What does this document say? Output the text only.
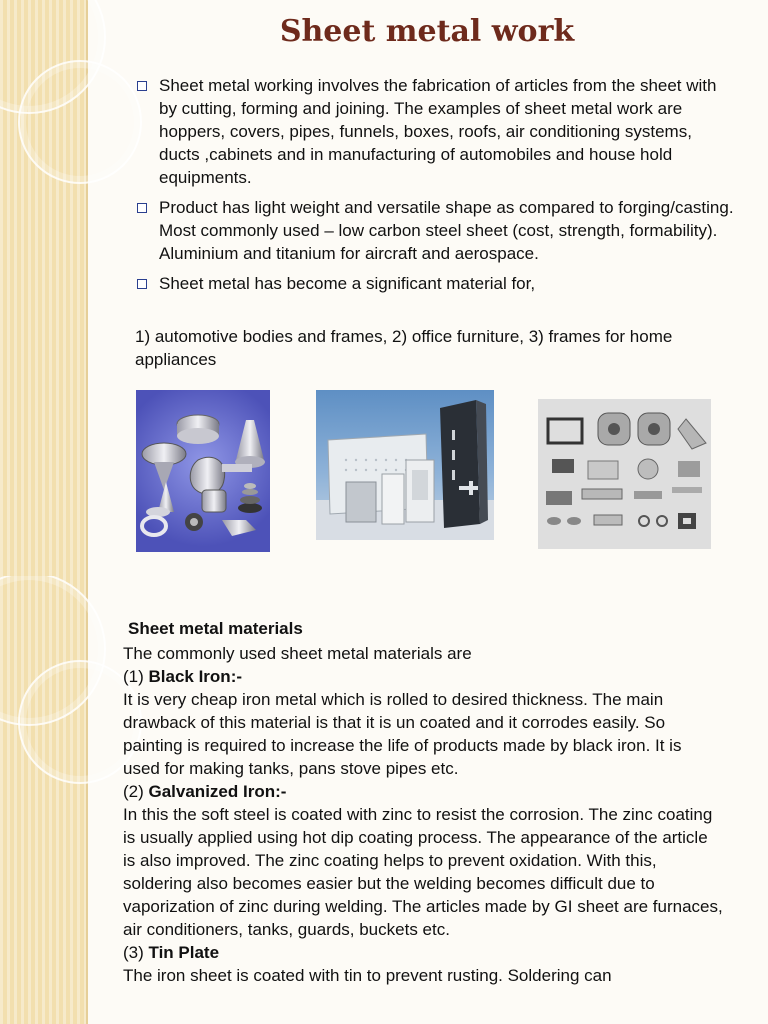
Sheet metal work
Sheet metal working involves the fabrication of articles from the sheet with by cutting, forming and joining. The examples of sheet metal work are hoppers, covers, pipes, funnels, boxes, roofs, air conditioning systems, ducts ,cabinets and in manufacturing of automobiles and house hold equipments.
Product has light weight and versatile shape as compared to forging/casting. Most commonly used – low carbon steel sheet (cost, strength, formability). Aluminium and titanium for aircraft and aerospace.
Sheet metal has become a significant material for,

1) automotive bodies and frames, 2) office furniture, 3) frames for home appliances

Sheet metal materials

The commonly used sheet metal materials are

(1) Black Iron:-

It is very cheap iron metal which is rolled to desired thickness. The main drawback of this material is that it is un coated and it corrodes easily. So painting is required to increase the life of products made by black iron. It is used for making tanks, pans stove pipes etc.

(2) Galvanized Iron:-

In this the soft steel is coated with zinc to resist the corrosion. The zinc coating is usually applied using hot dip coating process. The appearance of the article is also improved. The zinc coating helps to prevent oxidation. With this, soldering also becomes easier but the welding becomes difficult due to vaporization of zinc during welding. The articles made by GI sheet are furnaces, air conditioners, tanks, guards, buckets etc.

(3) Tin Plate

The iron sheet is coated with tin to prevent rusting. Soldering can
